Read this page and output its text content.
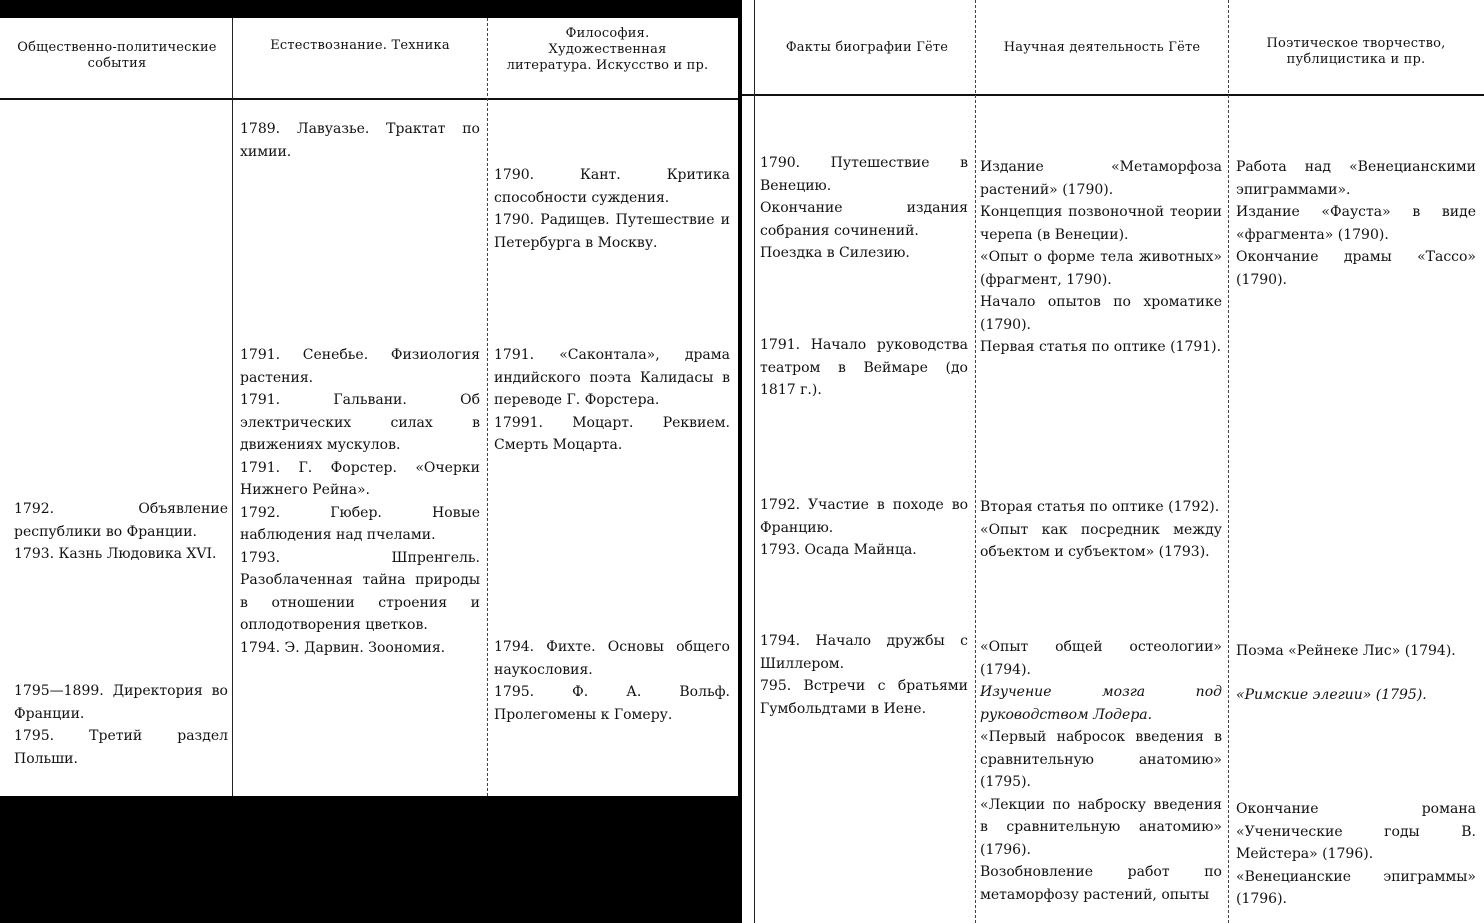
Общественно-политические события
Естествознание. Техника
Философия. Художественная литература. Искусство и пр.

1792. Объявление республики во Франции.

1793. Казнь Людовика XVI.

1795—1899. Директория во Франции.

1795. Третий раздел Польши.

1789. Лавуазье. Трактат по химии.

1791. Сенебье. Физиология растения.

1791. Гальвани. Об электрических силах в движениях мускулов.

1791. Г. Форстер. «Очерки Нижнего Рейна».

1792. Гюбер. Новые наблюдения над пчелами.

1793. Шпренгель. Разоблаченная тайна природы в отношении строения и оплодотворения цветков.

1794. Э. Дарвин. Зоономия.

1790. Кант. Критика способности суждения.

1790. Радищев. Путешествие и Петербурга в Москву.

1791. «Саконтала», драма индийского поэта Калидасы в переводе Г. Форстера.

17991. Моцарт. Реквием. Смерть Моцарта.

1794. Фихте. Основы общего наукословия.

1795. Ф. А. Вольф. Пролегомены к Гомеру.

Факты биографии Гёте	Научная деятельность Гёте	Поэтическое творчество, публицистика и пр.

1790. Путешествие в Венецию.

Окончание издания собрания сочинений.

Поездка в Силезию.

1791. Начало руководства театром в Веймаре (до 1817 г.).

1792. Участие в походе во Францию.

1793. Осада Майнца.

1794. Начало дружбы с Шиллером.

795. Встречи с братьями Гумбольдтами в Иене.

Издание «Метаморфоза растений» (1790).

Концепция позвоночной теории черепа (в Венеции).

«Опыт о форме тела животных» (фрагмент, 1790).

Начало опытов по хроматике (1790).

Первая статья по оптике (1791).

Вторая статья по оптике (1792).

«Опыт как посредник между объектом и субъектом» (1793).

«Опыт общей остеологии» (1794).

Изучение мозга под руководством Лодера.

«Первый набросок введения в сравнительную анатомию» (1795).

«Лекции по наброску введения в сравнительную анатомию» (1796).

Возобновление работ по метаморфозу растений, опыты

Работа над «Венецианскими эпиграммами».

Издание «Фауста» в виде «фрагмента» (1790).

Окончание драмы «Тассо» (1790).

Поэма «Рейнеке Лис» (1794).

«Римские элегии» (1795).

Окончание романа «Ученические годы В. Мейстера» (1796).

«Венецианские эпиграммы» (1796).
